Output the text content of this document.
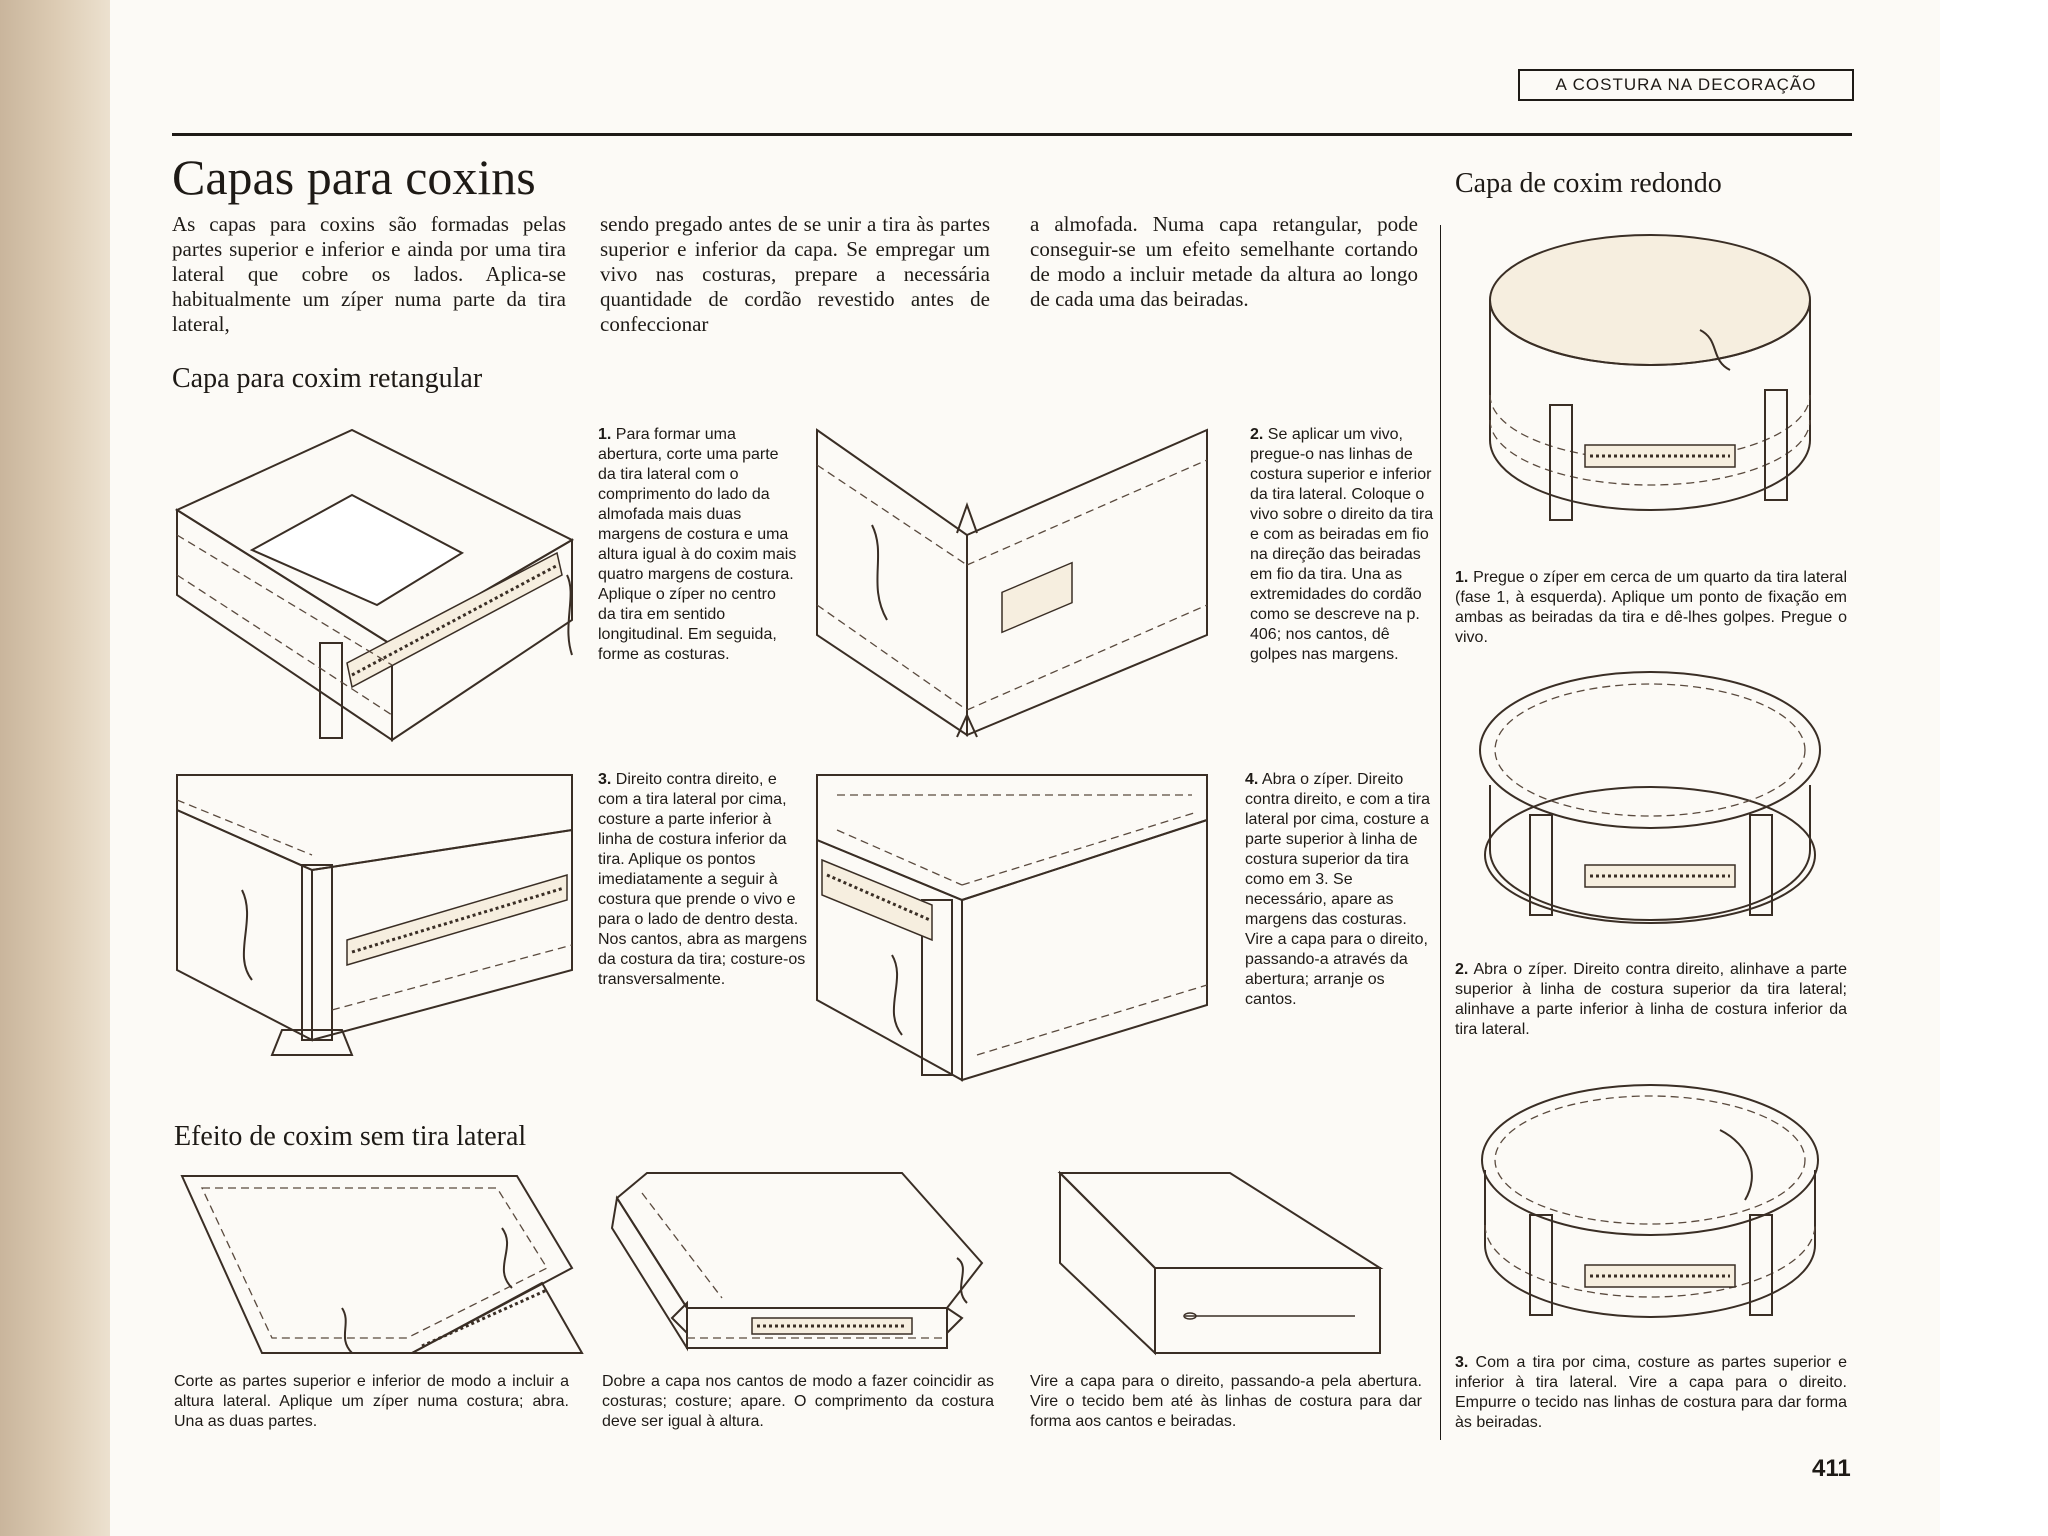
A COSTURA NA DECORAÇÃO
Capas para coxins
As capas para coxins são formadas pelas partes superior e inferior e ainda por uma tira lateral que cobre os lados. Aplica-se habitualmente um zíper numa parte da tira lateral,
sendo pregado antes de se unir a tira às partes superior e inferior da capa. Se empregar um vivo nas costuras, prepare a necessária quantidade de cordão revestido antes de confeccionar
a almofada. Numa capa retangular, pode conseguir-se um efeito semelhante cortando de modo a incluir metade da altura ao longo de cada uma das beiradas.
Capa de coxim redondo
Capa para coxim retangular
Efeito de coxim sem tira lateral
1. Para formar uma abertura, corte uma parte da tira lateral com o comprimento do lado da almofada mais duas margens de costura e uma altura igual à do coxim mais quatro margens de costura. Aplique o zíper no centro da tira em sentido longitudinal. Em seguida, forme as costuras.
2. Se aplicar um vivo, pregue-o nas linhas de costura superior e inferior da tira lateral. Coloque o vivo sobre o direito da tira e com as beiradas em fio na direção das beiradas em fio da tira. Una as extremidades do cordão como se descreve na p. 406; nos cantos, dê golpes nas margens.
3. Direito contra direito, e com a tira lateral por cima, costure a parte inferior à linha de costura inferior da tira. Aplique os pontos imediatamente a seguir à costura que prende o vivo e para o lado de dentro desta. Nos cantos, abra as margens da costura da tira; costure-os transversalmente.
4. Abra o zíper. Direito contra direito, e com a tira lateral por cima, costure a parte superior à linha de costura superior da tira como em 3. Se necessário, apare as margens das costuras. Vire a capa para o direito, passando-a através da abertura; arranje os cantos.
Corte as partes superior e inferior de modo a incluir a altura lateral. Aplique um zíper numa costura; abra. Una as duas partes.
Dobre a capa nos cantos de modo a fazer coincidir as costuras; costure; apare. O comprimento da costura deve ser igual à altura.
Vire a capa para o direito, passando-a pela abertura. Vire o tecido bem até às linhas de costura para dar forma aos cantos e beiradas.
1. Pregue o zíper em cerca de um quarto da tira lateral (fase 1, à esquerda). Aplique um ponto de fixação em ambas as beiradas da tira e dê-lhes golpes. Pregue o vivo.
2. Abra o zíper. Direito contra direito, alinhave a parte superior à linha de costura superior da tira lateral; alinhave a parte inferior à linha de costura inferior da tira lateral.
3. Com a tira por cima, costure as partes superior e inferior à tira lateral. Vire a capa para o direito. Empurre o tecido nas linhas de costura para dar forma às beiradas.
411
